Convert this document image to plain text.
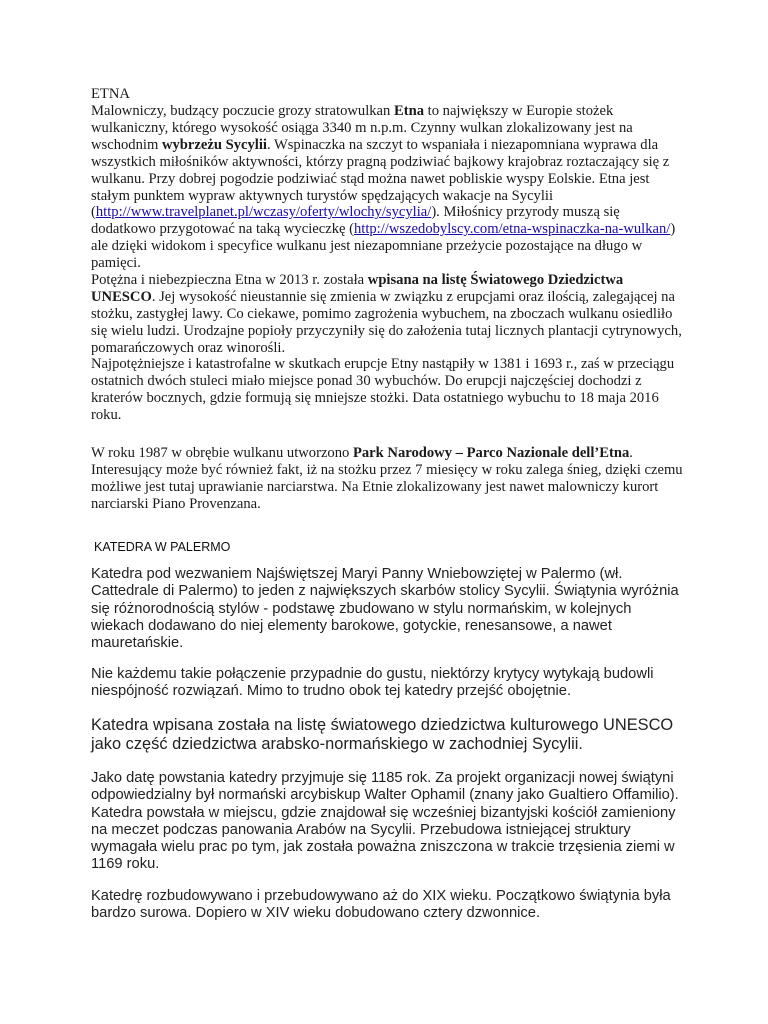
ETNA

Malowniczy, budzący poczucie grozy stratowulkan Etna to największy w Europie stożek wulkaniczny, którego wysokość osiąga 3340 m n.p.m. Czynny wulkan zlokalizowany jest na wschodnim wybrzeżu Sycylii. Wspinaczka na szczyt to wspaniała i niezapomniana wyprawa dla wszystkich miłośników aktywności, którzy pragną podziwiać bajkowy krajobraz roztaczający się z wulkanu. Przy dobrej pogodzie podziwiać stąd można nawet pobliskie wyspy Eolskie. Etna jest stałym punktem wypraw aktywnych turystów spędzających wakacje na Sycylii (http://www.travelplanet.pl/wczasy/oferty/wlochy/sycylia/). Miłośnicy przyrody muszą się dodatkowo przygotować na taką wycieczkę (http://wszedobylscy.com/etna-wspinaczka-na-wulkan/) ale dzięki widokom i specyfice wulkanu jest niezapomniane przeżycie pozostające na długo w pamięci.

Potężna i niebezpieczna Etna w 2013 r. została wpisana na listę Światowego Dziedzictwa UNESCO. Jej wysokość nieustannie się zmienia w związku z erupcjami oraz ilością, zalegającej na stożku, zastygłej lawy. Co ciekawe, pomimo zagrożenia wybuchem, na zboczach wulkanu osiedliło się wielu ludzi. Urodzajne popioły przyczyniły się do założenia tutaj licznych plantacji cytrynowych, pomarańczowych oraz winorośli.

Najpotężniejsze i katastrofalne w skutkach erupcje Etny nastąpiły w 1381 i 1693 r., zaś w przeciągu ostatnich dwóch stuleci miało miejsce ponad 30 wybuchów. Do erupcji najczęściej dochodzi z kraterów bocznych, gdzie formują się mniejsze stożki. Data ostatniego wybuchu to 18 maja 2016 roku.

W roku 1987 w obrębie wulkanu utworzono Park Narodowy – Parco Nazionale dell’Etna. Interesujący może być również fakt, iż na stożku przez 7 miesięcy w roku zalega śnieg, dzięki czemu możliwe jest tutaj uprawianie narciarstwa. Na Etnie zlokalizowany jest nawet malowniczy kurort narciarski Piano Provenzana.

KATEDRA W PALERMO

Katedra pod wezwaniem Najświętszej Maryi Panny Wniebowziętej w Palermo (wł. Cattedrale di Palermo) to jeden z największych skarbów stolicy Sycylii. Świątynia wyróżnia się różnorodnością stylów - podstawę zbudowano w stylu normańskim, w kolejnych wiekach dodawano do niej elementy barokowe, gotyckie, renesansowe, a nawet mauretańskie.

Nie każdemu takie połączenie przypadnie do gustu, niektórzy krytycy wytykają budowli niespójność rozwiązań. Mimo to trudno obok tej katedry przejść obojętnie.

Katedra wpisana została na listę światowego dziedzictwa kulturowego UNESCO jako część dziedzictwa arabsko-normańskiego w zachodniej Sycylii.

Jako datę powstania katedry przyjmuje się 1185 rok. Za projekt organizacji nowej świątyni odpowiedzialny był normański arcybiskup Walter Ophamil (znany jako Gualtiero Offamilio). Katedra powstała w miejscu, gdzie znajdował się wcześniej bizantyjski kościół zamieniony na meczet podczas panowania Arabów na Sycylii. Przebudowa istniejącej struktury wymagała wielu prac po tym, jak została poważna zniszczona w trakcie trzęsienia ziemi w 1169 roku.

Katedrę rozbudowywano i przebudowywano aż do XIX wieku. Początkowo świątynia była bardzo surowa. Dopiero w XIV wieku dobudowano cztery dzwonnice.
